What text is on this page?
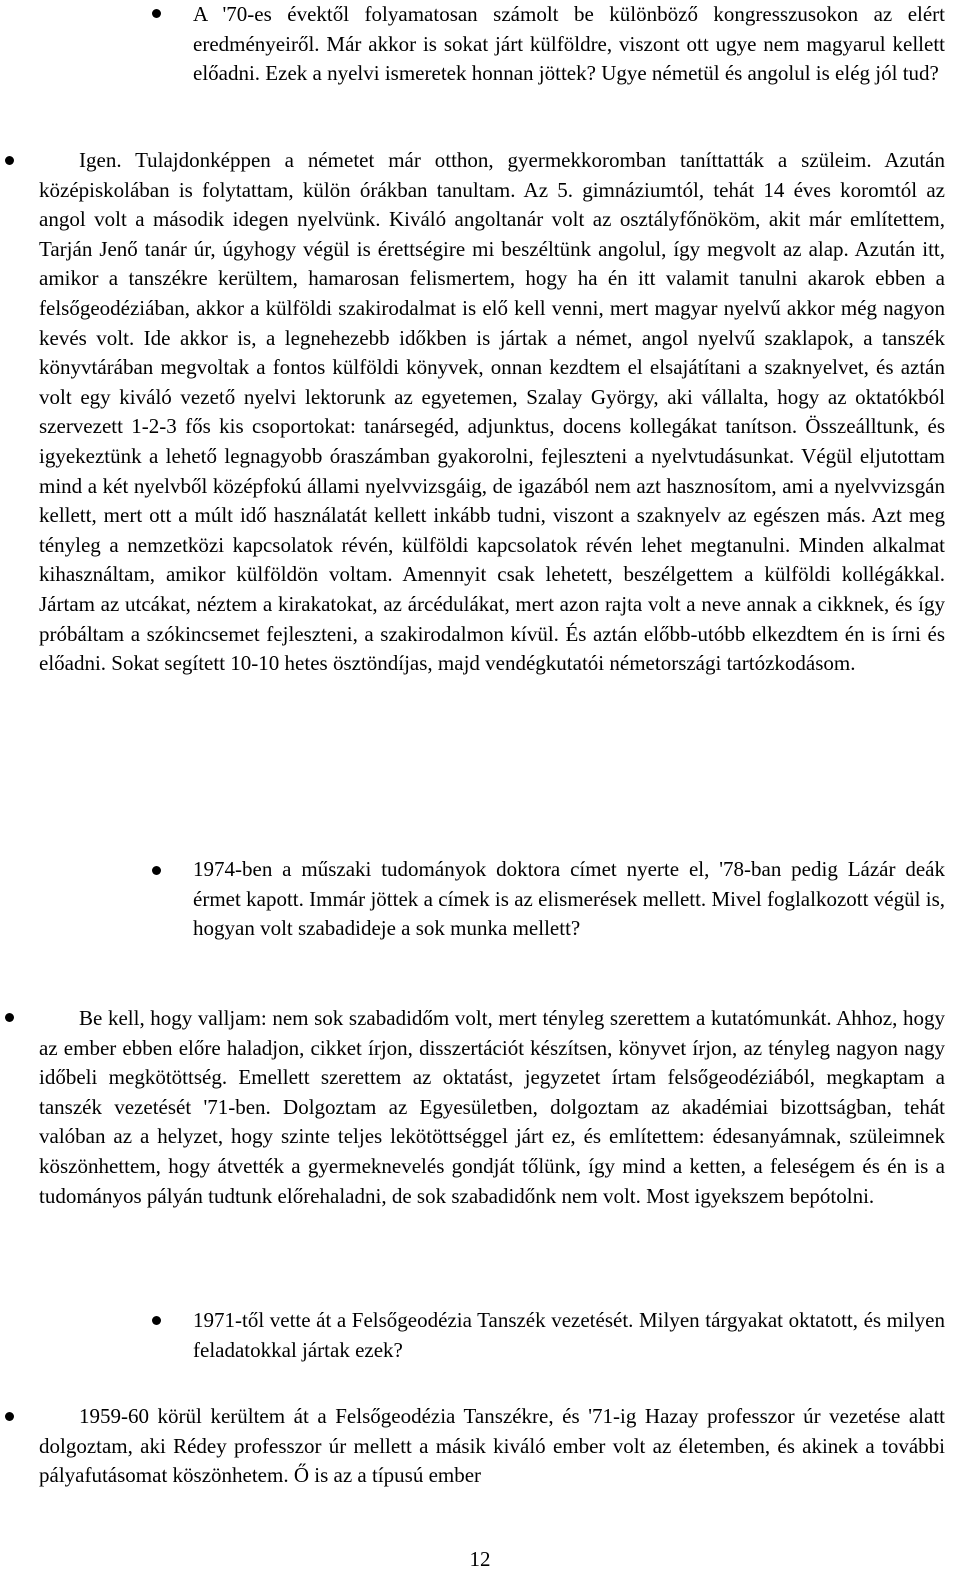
A '70-es évektől folyamatosan számolt be különböző kongresszusokon az elért eredményeiről. Már akkor is sokat járt külföldre, viszont ott ugye nem magyarul kellett előadni. Ezek a nyelvi ismeretek honnan jöttek? Ugye németül és angolul is elég jól tud?

Igen. Tulajdonképpen a németet már otthon, gyermekkoromban taníttatták a szüleim. Azután középiskolában is folytattam, külön órákban tanultam. Az 5. gimnáziumtól, tehát 14 éves koromtól az angol volt a második idegen nyelvünk. Kiváló angoltanár volt az osztályfőnököm, akit már említettem, Tarján Jenő tanár úr, úgyhogy végül is érettségire mi beszéltünk angolul, így megvolt az alap. Azután itt, amikor a tanszékre kerültem, hamarosan felismertem, hogy ha én itt valamit tanulni akarok ebben a felsőgeodéziában, akkor a külföldi szakirodalmat is elő kell venni, mert magyar nyelvű akkor még nagyon kevés volt. Ide akkor is, a legnehezebb időkben is jártak a német, angol nyelvű szaklapok, a tanszék könyvtárában megvoltak a fontos külföldi könyvek, onnan kezdtem el elsajátítani a szaknyelvet, és aztán volt egy kiváló vezető nyelvi lektorunk az egyetemen, Szalay György, aki vállalta, hogy az oktatókból szervezett 1-2-3 fős kis csoportokat: tanársegéd, adjunktus, docens kollegákat tanítson. Összeálltunk, és igyekeztünk a lehető legnagyobb óraszámban gyakorolni, fejleszteni a nyelvtudásunkat. Végül eljutottam mind a két nyelvből középfokú állami nyelvvizsgáig, de igazából nem azt hasznosítom, ami a nyelvvizsgán kellett, mert ott a múlt idő használatát kellett inkább tudni, viszont a szaknyelv az egészen más. Azt meg tényleg a nemzetközi kapcsolatok révén, külföldi kapcsolatok révén lehet megtanulni. Minden alkalmat kihasználtam, amikor külföldön voltam. Amennyit csak lehetett, beszélgettem a külföldi kollégákkal. Jártam az utcákat, néztem a kirakatokat, az árcédulákat, mert azon rajta volt a neve annak a cikknek, és így próbáltam a szókincsemet fejleszteni, a szakirodalmon kívül. És aztán előbb-utóbb elkezdtem én is írni és előadni. Sokat segített 10-10 hetes ösztöndíjas, majd vendégkutatói németországi tartózkodásom.

1974-ben a műszaki tudományok doktora címet nyerte el, '78-ban pedig Lázár deák érmet kapott. Immár jöttek a címek is az elismerések mellett. Mivel foglalkozott végül is, hogyan volt szabadideje a sok munka mellett?

Be kell, hogy valljam: nem sok szabadidőm volt, mert tényleg szerettem a kutatómunkát. Ahhoz, hogy az ember ebben előre haladjon, cikket írjon, disszertációt készítsen, könyvet írjon, az tényleg nagyon nagy időbeli megkötöttség. Emellett szerettem az oktatást, jegyzetet írtam felsőgeodéziából, megkaptam a tanszék vezetését '71-ben. Dolgoztam az Egyesületben, dolgoztam az akadémiai bizottságban, tehát valóban az a helyzet, hogy szinte teljes lekötöttséggel járt ez, és említettem: édesanyámnak, szüleimnek köszönhettem, hogy átvették a gyermeknevelés gondját tőlünk, így mind a ketten, a feleségem és én is a tudományos pályán tudtunk előrehaladni, de sok szabadidőnk nem volt. Most igyekszem bepótolni.

1971-től vette át a Felsőgeodézia Tanszék vezetését. Milyen tárgyakat oktatott, és milyen feladatokkal jártak ezek?

1959-60 körül kerültem át a Felsőgeodézia Tanszékre, és '71-ig Hazay professzor úr vezetése alatt dolgoztam, aki Rédey professzor úr mellett a másik kiváló ember volt az életemben, és akinek a további pályafutásomat köszönhetem. Ő is az a típusú ember

12
